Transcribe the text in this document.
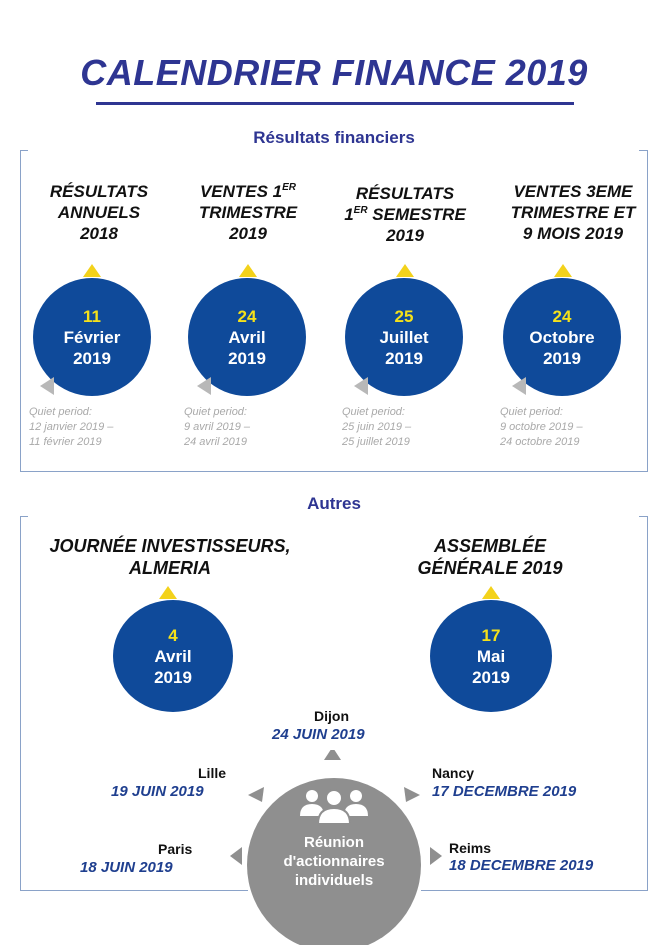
CALENDRIER FINANCE 2019
Résultats financiers
RÉSULTATS
ANNUELS
2018
11
Février
2019
Quiet period:
12 janvier 2019 –
11 février 2019
VENTES 1ER
TRIMESTRE
2019
24
Avril
2019
Quiet period:
9 avril 2019 –
24 avril 2019
RÉSULTATS
1ER SEMESTRE
2019
25
Juillet
2019
Quiet period:
25 juin 2019 –
25 juillet 2019
VENTES 3EME
TRIMESTRE ET
9 MOIS 2019
24
Octobre
2019
Quiet period:
9 octobre 2019 –
24 octobre 2019
Autres
JOURNÉE INVESTISSEURS,
ALMERIA
4
Avril
2019
ASSEMBLÉE
GÉNÉRALE 2019
17
Mai
2019
Dijon
24 JUIN 2019
Lille
19 JUIN 2019
Nancy
17 DECEMBRE 2019
Paris
18 JUIN 2019
Reims
18 DECEMBRE 2019
Réunion
d'actionnaires
individuels
